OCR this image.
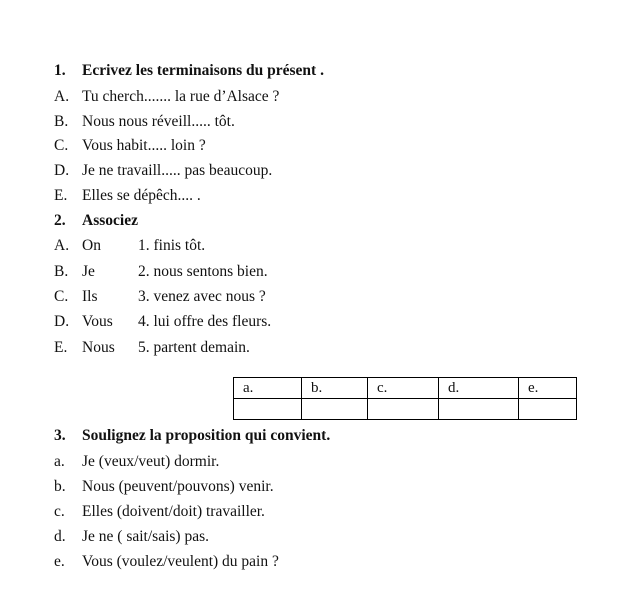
1. Ecrivez les terminaisons du présent .
A. Tu cherch....... la rue d’Alsace ?
B. Nous nous réveill..... tôt.
C. Vous habit..... loin ?
D. Je ne travaill..... pas beaucoup.
E. Elles se dépêch.... .
2. Associez
A. On 1. finis tôt.
B. Je	2. nous sentons bien.
C. Ils	3. venez avec nous ?
D. Vous 4. lui offre des fleurs.
E. Nous 5. partent demain.
a.	b.	c.	d.	e.

3. Soulignez la proposition qui convient.
a. Je (veux/veut) dormir.
b. Nous (peuvent/pouvons) venir.
c. Elles (doivent/doit) travailler.
d. Je ne ( sait/sais) pas.
e. Vous (voulez/veulent) du pain ?
